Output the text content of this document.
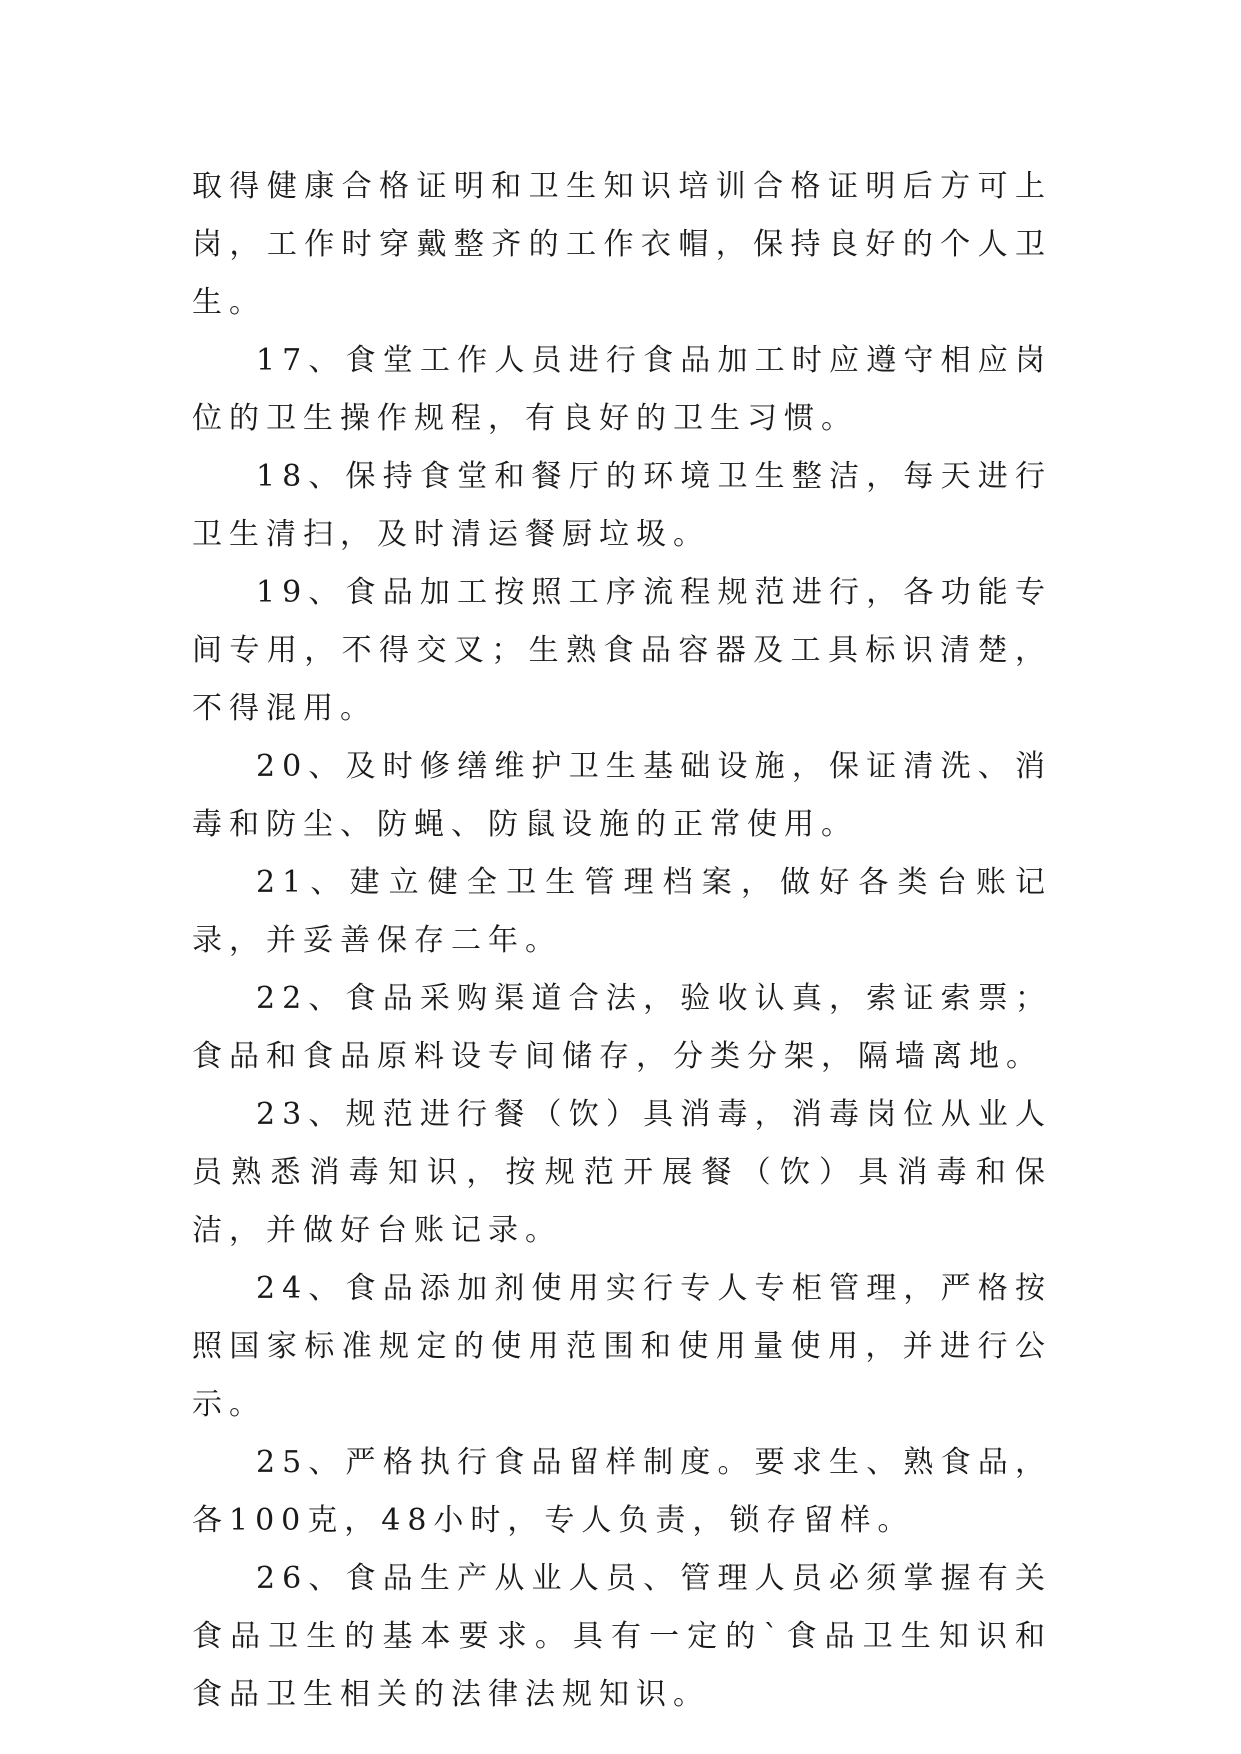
取得健康合格证明和卫生知识培训合格证明后方可上岗，工作时穿戴整齐的工作衣帽，保持良好的个人卫生。

17、食堂工作人员进行食品加工时应遵守相应岗位的卫生操作规程，有良好的卫生习惯。

18、保持食堂和餐厅的环境卫生整洁，每天进行卫生清扫，及时清运餐厨垃圾。

19、食品加工按照工序流程规范进行，各功能专间专用，不得交叉；生熟食品容器及工具标识清楚，不得混用。

20、及时修缮维护卫生基础设施，保证清洗、消毒和防尘、防蝇、防鼠设施的正常使用。

21、建立健全卫生管理档案，做好各类台账记录，并妥善保存二年。

22、食品采购渠道合法，验收认真，索证索票；食品和食品原料设专间储存，分类分架，隔墙离地。

23、规范进行餐（饮）具消毒，消毒岗位从业人员熟悉消毒知识，按规范开展餐（饮）具消毒和保洁，并做好台账记录。

24、食品添加剂使用实行专人专柜管理，严格按照国家标准规定的使用范围和使用量使用，并进行公示。

25、严格执行食品留样制度。要求生、熟食品，各100克，48小时，专人负责，锁存留样。

26、食品生产从业人员、管理人员必须掌握有关食品卫生的基本要求。具有一定的`食品卫生知识和食品卫生相关的法律法规知识。
